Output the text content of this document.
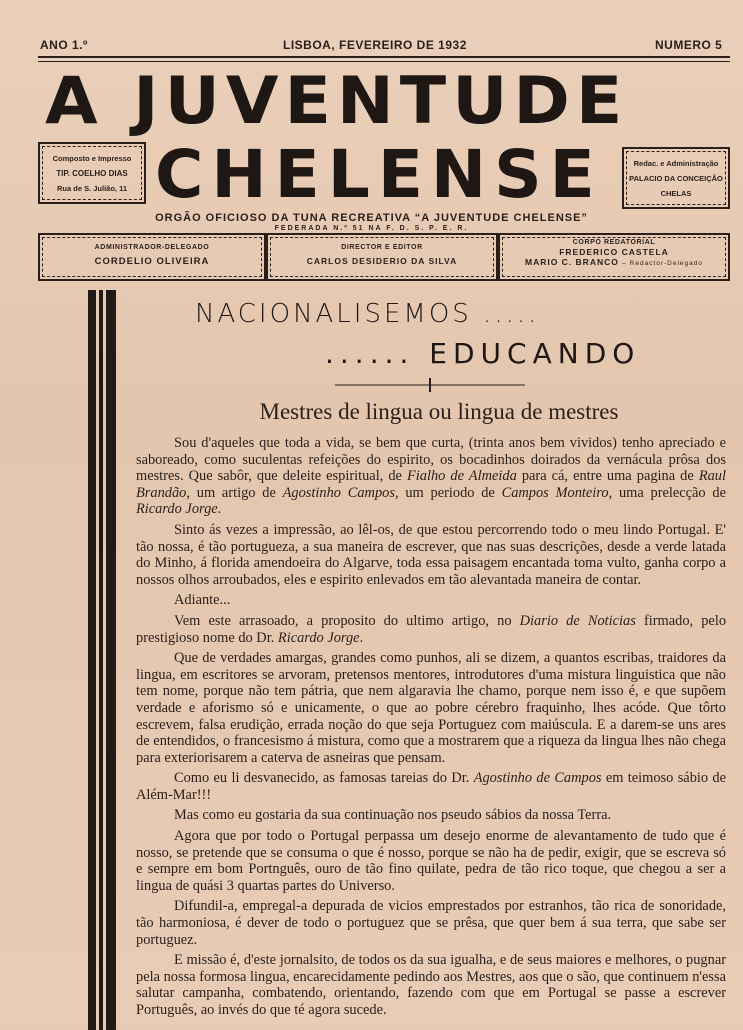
ANO 1.º	LISBOA, FEVEREIRO DE 1932	NUMERO 5
A JUVENTUDE
CHELENSE
Composto e Impresso
TIP. COELHO DIAS
Rua de S. Julião, 11
Redac. e Administração
PALACIO DA CONCEIÇÃO
CHELAS
ORGÃO OFICIOSO DA TUNA RECREATIVA “A JUVENTUDE CHELENSE”
FEDERADA N.º 51 NA F. D. S. P. E. R.
ADMINISTRADOR-DELEGADO
CORDELIO OLIVEIRA
DIRECTOR E EDITOR
CARLOS DESIDERIO DA SILVA
CORPO REDATORIAL
FREDERICO CASTELA
MARIO C. BRANCO – Redactor-Delegado
NACIONALISEMOS .....
...... EDUCANDO
Mestres de lingua ou lingua de mestres

Sou d'aqueles que toda a vida, se bem que curta, (trinta anos bem vividos) tenho apreciado e saboreado, como suculentas refeições do espirito, os bocadinhos doirados da vernácula prôsa dos mestres. Que sabôr, que deleite espiritual, de Fialho de Almeida para cá, entre uma pagina de Raul Brandão, um artigo de Agostinho Campos, um periodo de Campos Monteiro, uma prelecção de Ricardo Jorge.

Sinto ás vezes a impressão, ao lêl-os, de que estou percorrendo todo o meu lindo Portugal. E' tão nossa, é tão portugueza, a sua maneira de escrever, que nas suas descrições, desde a verde latada do Minho, á florida amendoeira do Algarve, toda essa paisagem encantada toma vulto, ganha corpo a nossos olhos arroubados, eles e espirito enlevados em tão alevantada maneira de contar.

Adiante...

Vem este arrasoado, a proposito do ultimo artigo, no Diario de Noticias firmado, pelo prestigioso nome do Dr. Ricardo Jorge.

Que de verdades amargas, grandes como punhos, ali se dizem, a quantos escribas, traidores da lingua, em escritores se arvoram, pretensos mentores, introdutores d'uma mistura linguistica que não tem nome, porque não tem pátria, que nem algaravia lhe chamo, porque nem isso é, e que supõem verdade e aforismo só e unicamente, o que ao pobre cérebro fraquinho, lhes acóde. Que tôrto escrevem, falsa erudição, errada noção do que seja Portuguez com maiúscula. E a darem-se uns ares de entendidos, o francesismo á mistura, como que a mostrarem que a riqueza da lingua lhes não chega para exteriorisarem a caterva de asneiras que pensam.

Como eu li desvanecido, as famosas tareias do Dr. Agostinho de Campos em teimoso sábio de Além-Mar!!!

Mas como eu gostaria da sua continuação nos pseudo sábios da nossa Terra.

Agora que por todo o Portugal perpassa um desejo enorme de alevantamento de tudo que é nosso, se pretende que se consuma o que é nosso, porque se não ha de pedir, exigir, que se escreva só e sempre em bom Portnguês, ouro de tão fino quilate, pedra de tão rico toque, que chegou a ser a lingua de quási 3 quartas partes do Universo.

Difundil-a, empregal-a depurada de vicios emprestados por estranhos, tão rica de sonoridade, tão harmoniosa, é dever de todo o portuguez que se prêsa, que quer bem á sua terra, que sabe ser portuguez.

E missão é, d'este jornalsito, de todos os da sua igualha, e de seus maiores e melhores, o pugnar pela nossa formosa lingua, encarecidamente pedindo aos Mestres, aos que o são, que continuem n'essa salutar campanha, combatendo, orientando, fazendo com que em Portugal se passe a escrever Português, ao invés do que té agora sucede.
